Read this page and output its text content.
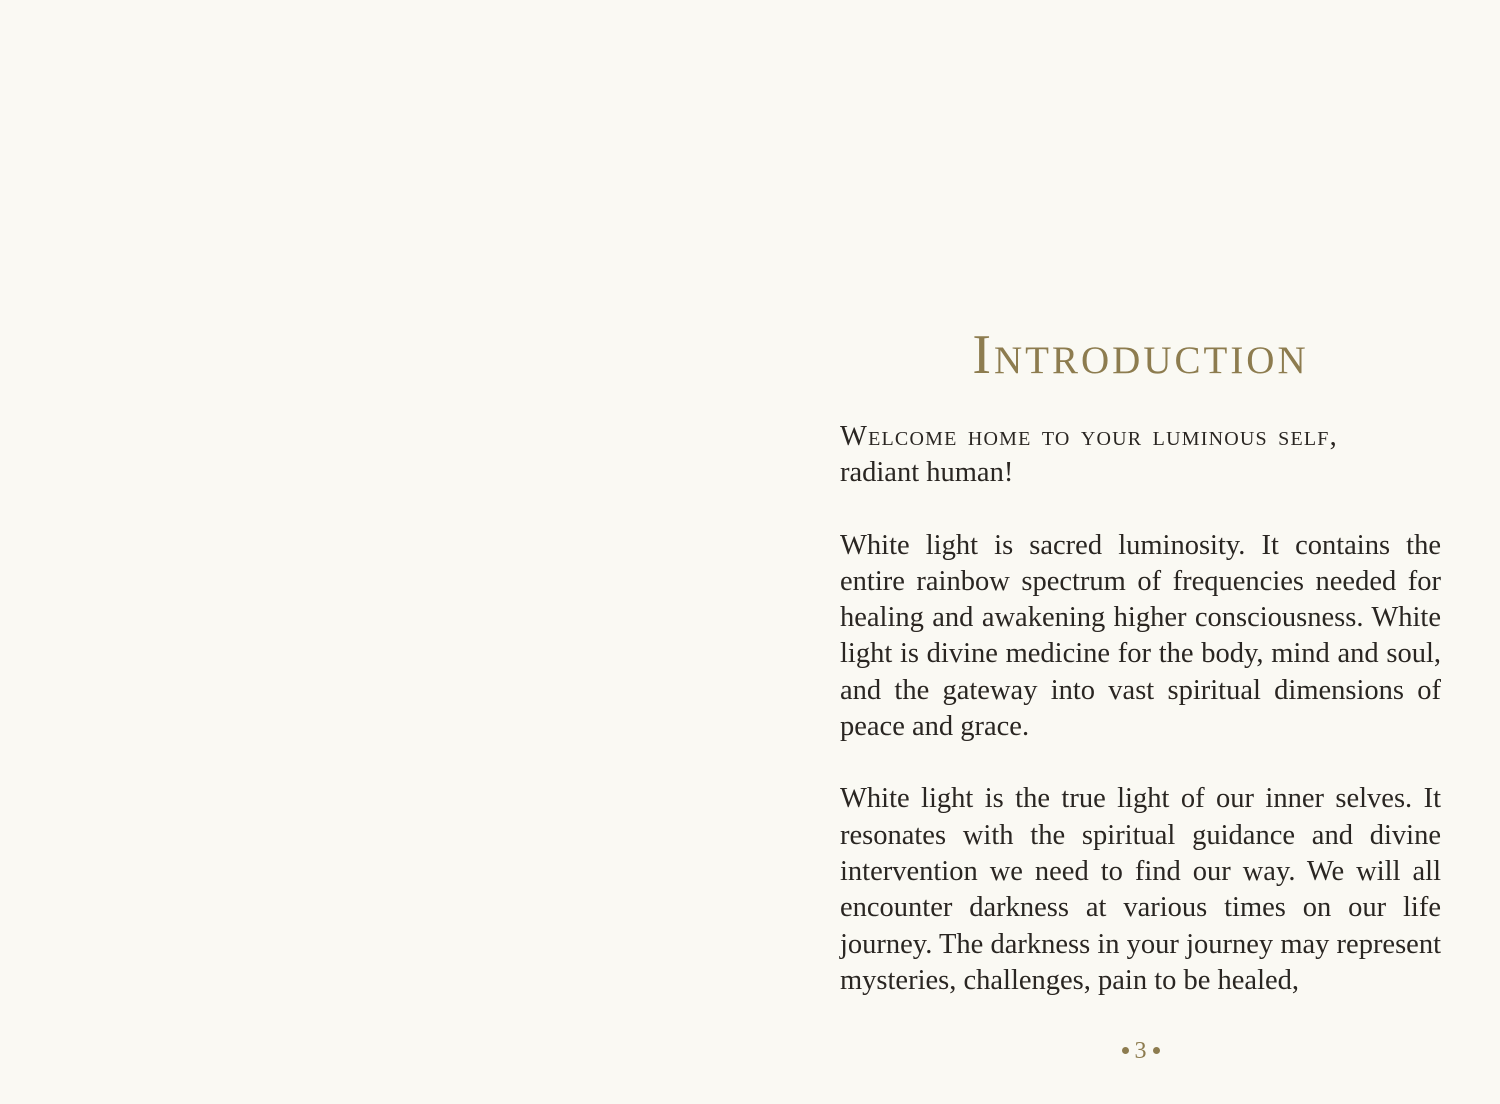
Introduction

Welcome home to your luminous self,
radiant human!

White light is sacred luminosity. It contains the entire rainbow spectrum of frequencies needed for healing and awakening higher consciousness. White light is divine medicine for the body, mind and soul, and the gateway into vast spiritual dimensions of peace and grace.

White light is the true light of our inner selves. It resonates with the spiritual guidance and divine intervention we need to find our way. We will all encounter darkness at various times on our life journey. The darkness in your journey may represent mysteries, challenges, pain to be healed,

3
